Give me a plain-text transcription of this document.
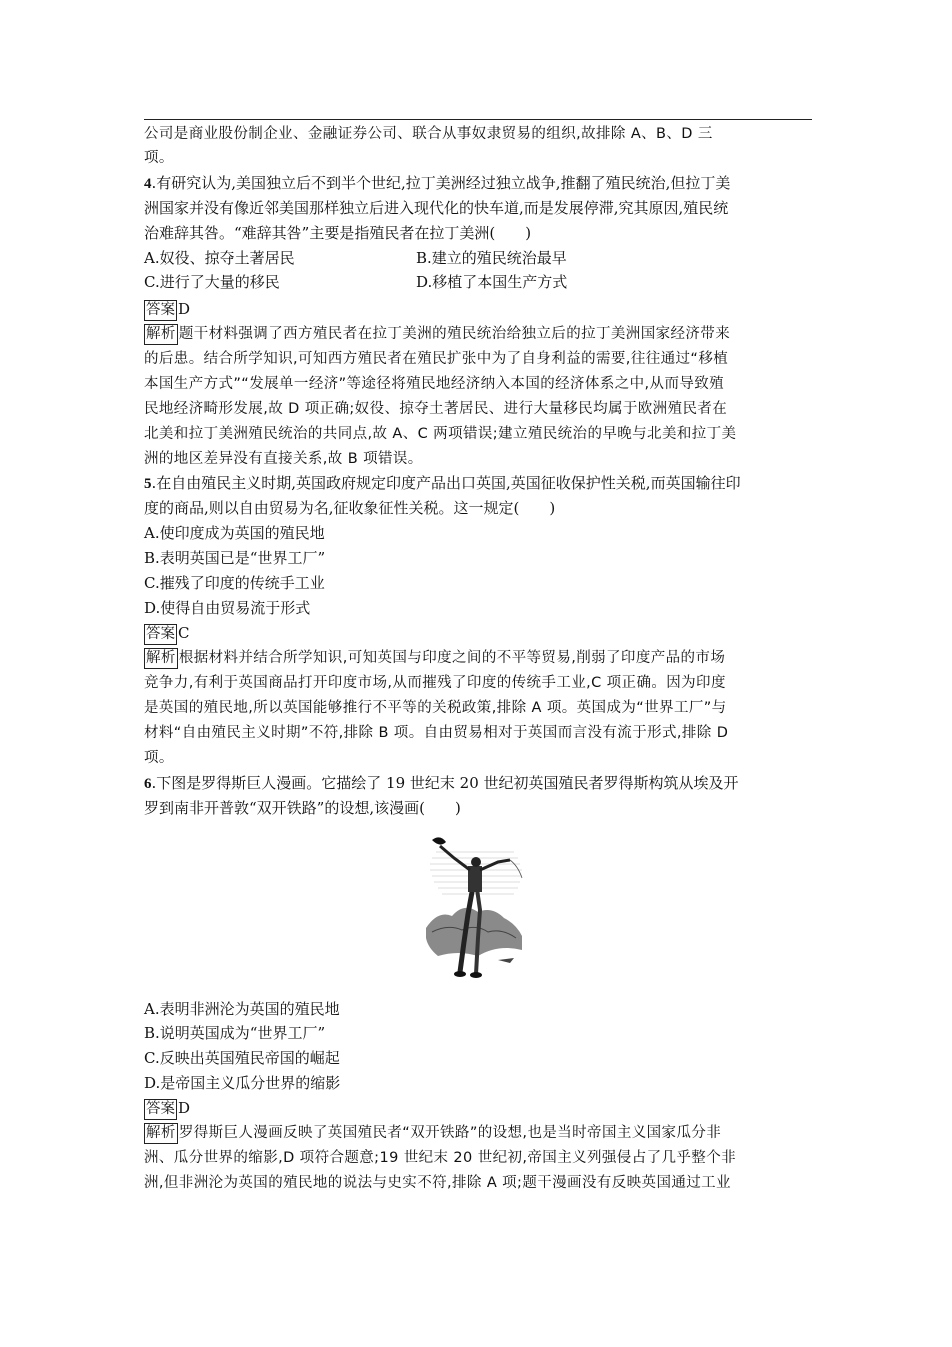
公司是商业股份制企业、金融证券公司、联合从事奴隶贸易的组织,故排除 A、B、D 三
项。
4.有研究认为,美国独立后不到半个世纪,拉丁美洲经过独立战争,推翻了殖民统治,但拉丁美
洲国家并没有像近邻美国那样独立后进入现代化的快车道,而是发展停滞,究其原因,殖民统
治难辞其咎。“难辞其咎”主要是指殖民者在拉丁美洲(　　)
A.奴役、掠夺土著居民	B.建立的殖民统治最早
C.进行了大量的移民	D.移植了本国生产方式
答案 D
解析 题干材料强调了西方殖民者在拉丁美洲的殖民统治给独立后的拉丁美洲国家经济带来
的后患。结合所学知识,可知西方殖民者在殖民扩张中为了自身利益的需要,往往通过“移植
本国生产方式”“发展单一经济”等途径将殖民地经济纳入本国的经济体系之中,从而导致殖
民地经济畸形发展,故 D 项正确;奴役、掠夺土著居民、进行大量移民均属于欧洲殖民者在
北美和拉丁美洲殖民统治的共同点,故 A、C 两项错误;建立殖民统治的早晚与北美和拉丁美
洲的地区差异没有直接关系,故 B 项错误。
5.在自由殖民主义时期,英国政府规定印度产品出口英国,英国征收保护性关税,而英国输往印
度的商品,则以自由贸易为名,征收象征性关税。这一规定(　　)
A.使印度成为英国的殖民地
B.表明英国已是“世界工厂”
C.摧残了印度的传统手工业
D.使得自由贸易流于形式
答案 C
解析 根据材料并结合所学知识,可知英国与印度之间的不平等贸易,削弱了印度产品的市场
竞争力,有利于英国商品打开印度市场,从而摧残了印度的传统手工业,C 项正确。因为印度
是英国的殖民地,所以英国能够推行不平等的关税政策,排除 A 项。英国成为“世界工厂”与
材料“自由殖民主义时期”不符,排除 B 项。自由贸易相对于英国而言没有流于形式,排除 D
项。
6.下图是罗得斯巨人漫画。它描绘了 19 世纪末 20 世纪初英国殖民者罗得斯构筑从埃及开
罗到南非开普敦“双开铁路”的设想,该漫画(　　)
A.表明非洲沦为英国的殖民地
B.说明英国成为“世界工厂”
C.反映出英国殖民帝国的崛起
D.是帝国主义瓜分世界的缩影
答案 D
解析 罗得斯巨人漫画反映了英国殖民者“双开铁路”的设想,也是当时帝国主义国家瓜分非
洲、瓜分世界的缩影,D 项符合题意;19 世纪末 20 世纪初,帝国主义列强侵占了几乎整个非
洲,但非洲沦为英国的殖民地的说法与史实不符,排除 A 项;题干漫画没有反映英国通过工业
